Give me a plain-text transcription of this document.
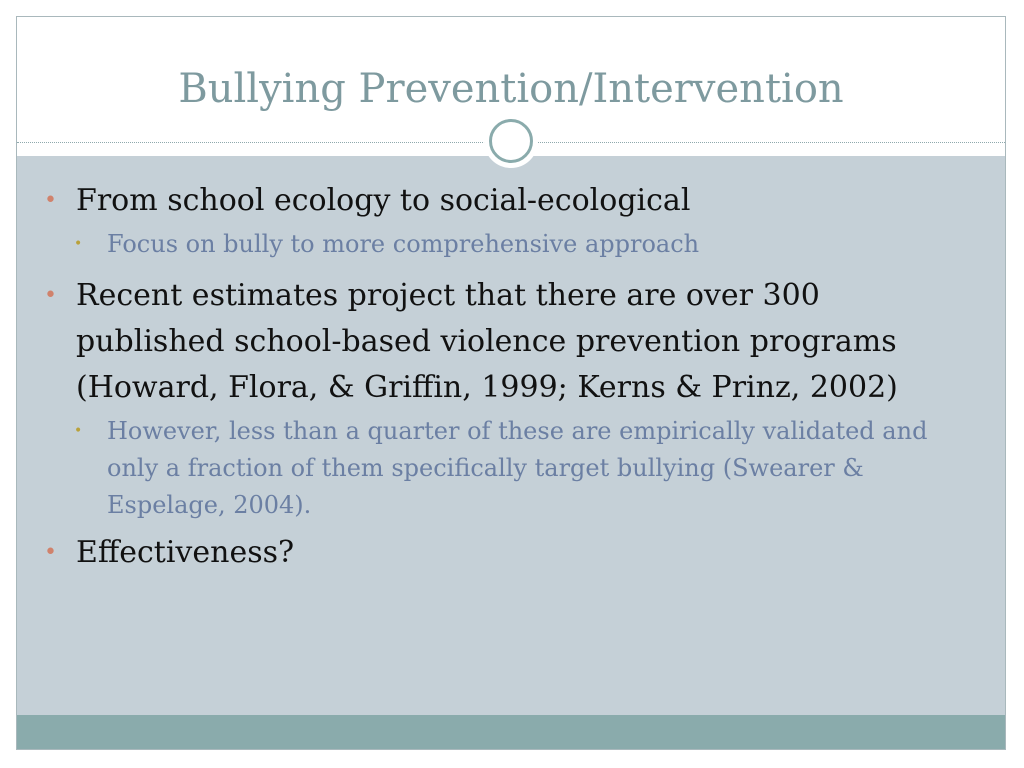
Bullying Prevention/Intervention
• From school ecology to social-ecological
• Focus on bully to more comprehensive approach
• Recent estimates project that there are over 300 published school-based violence prevention programs (Howard, Flora, & Griffin, 1999; Kerns & Prinz, 2002)
• However, less than a quarter of these are empirically validated and only a fraction of them specifically target bullying (Swearer & Espelage, 2004).
• Effectiveness?
